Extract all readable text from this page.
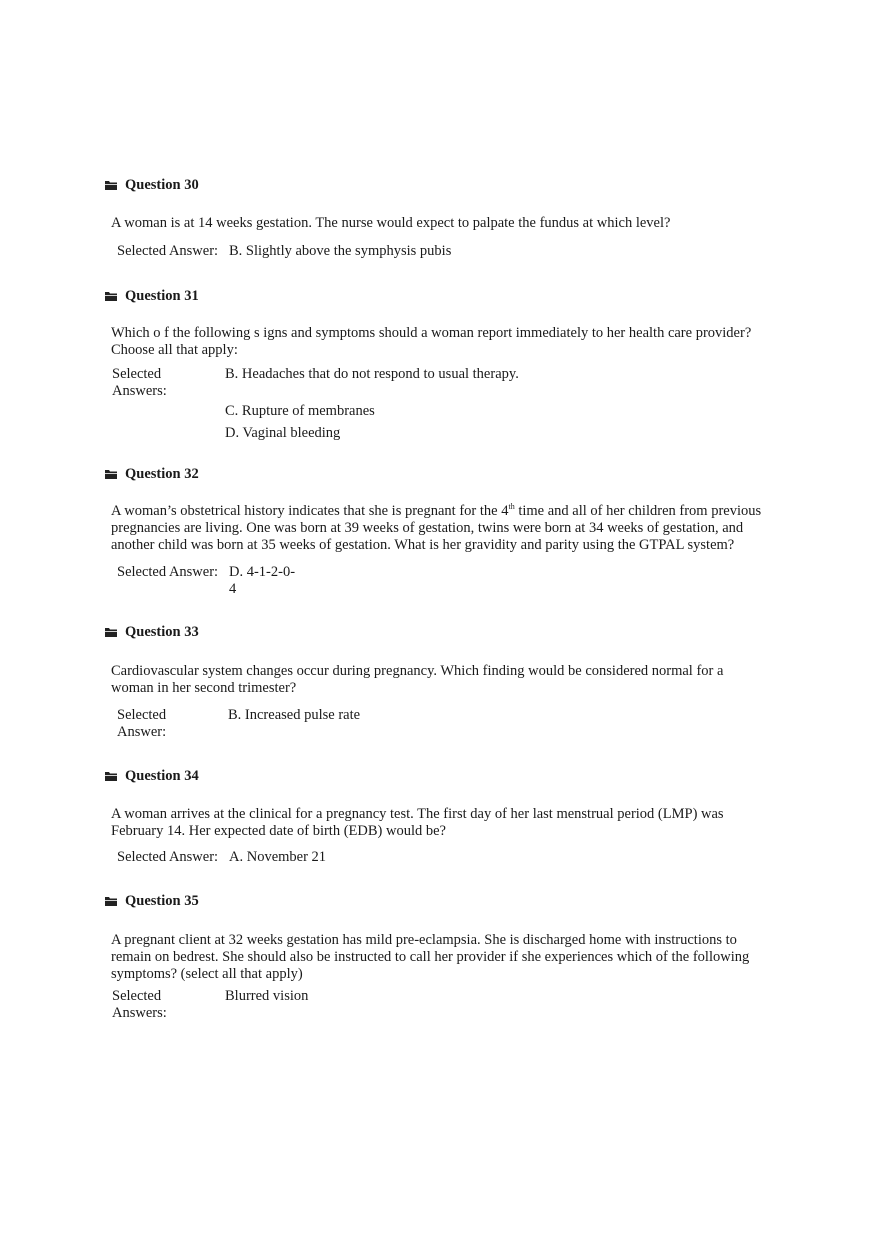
Question 30
A woman is at 14 weeks gestation. The nurse would expect to palpate the fundus at which level?
Selected Answer: B. Slightly above the symphysis pubis
Question 31
Which o f the following s igns and symptoms should a woman report immediately to her health care provider?
Choose all that apply:
Selected
Answers:
B. Headaches that do not respond to usual therapy.
C. Rupture of membranes
D. Vaginal bleeding
Question 32
A woman’s obstetrical history indicates that she is pregnant for the 4th time and all of her children from previous
pregnancies are living. One was born at 39 weeks of gestation, twins were born at 34 weeks of gestation, and
another child was born at 35 weeks of gestation. What is her gravidity and parity using the GTPAL system?
Selected Answer: D. 4-1-2-0-
4
Question 33
Cardiovascular system changes occur during pregnancy. Which finding would be considered normal for a
woman in her second trimester?
Selected
Answer:
B. Increased pulse rate
Question 34
A woman arrives at the clinical for a pregnancy test. The first day of her last menstrual period (LMP) was
February 14. Her expected date of birth (EDB) would be?
Selected Answer: A. November 21
Question 35
A pregnant client at 32 weeks gestation has mild pre-eclampsia. She is discharged home with instructions to
remain on bedrest. She should also be instructed to call her provider if she experiences which of the following
symptoms? (select all that apply)
Selected
Answers:
Blurred vision
